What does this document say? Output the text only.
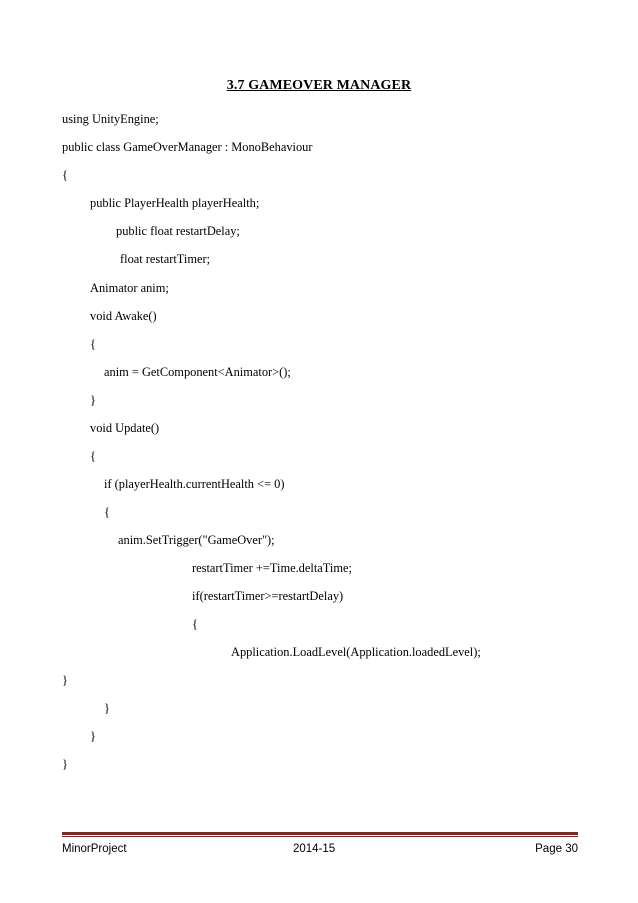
3.7 GAMEOVER MANAGER
using UnityEngine;
public class GameOverManager : MonoBehaviour
{
public PlayerHealth playerHealth;
public float restartDelay;
float restartTimer;
Animator anim;
void Awake()
{
anim = GetComponent<Animator>();
}
void Update()
{
if (playerHealth.currentHealth <= 0)
{
anim.SetTrigger("GameOver");
restartTimer +=Time.deltaTime;
if(restartTimer>=restartDelay)
{
Application.LoadLevel(Application.loadedLevel);
}
}
}
}
MinorProject	2014-15	Page 30
